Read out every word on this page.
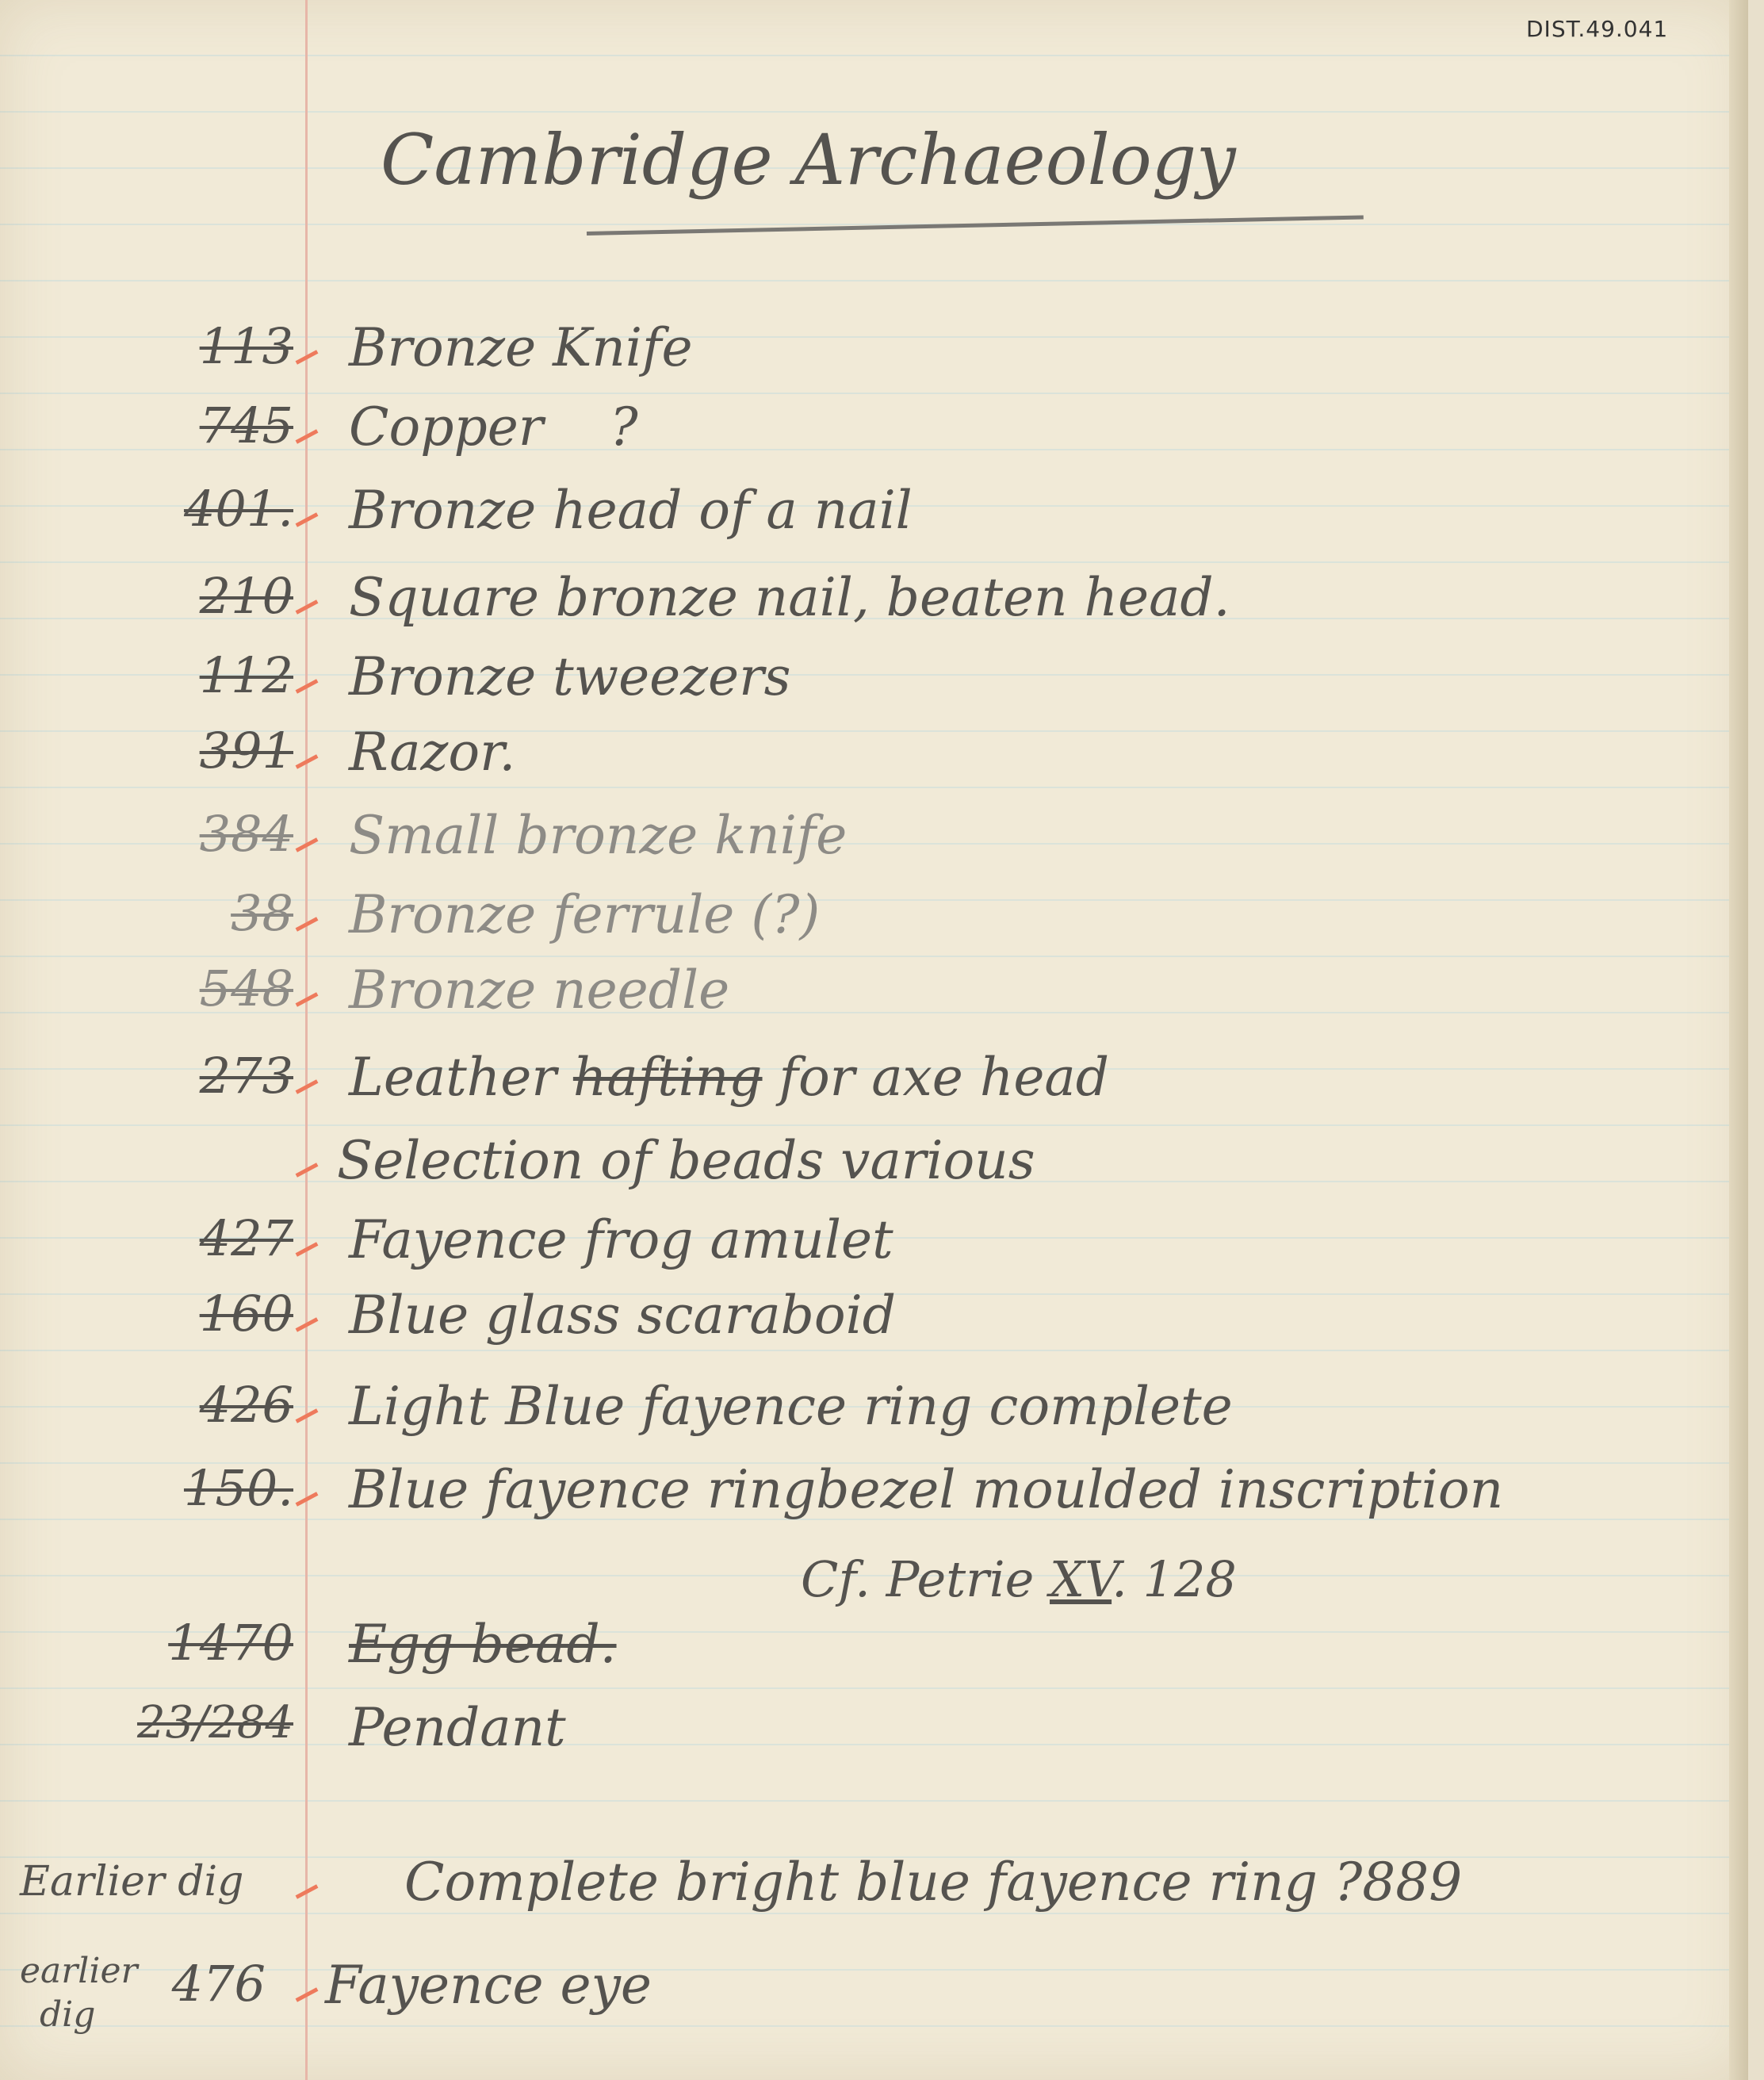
DIST.49.041
Cambridge Archaeology
113 Bronze Knife
745 Copper    ?
401. Bronze head of a nail
210 Square bronze nail, beaten head.
112 Bronze tweezers
391 Razor.
384 Small bronze knife
38 Bronze ferrule (?)
548 Bronze needle
273 Leather hafting for axe head
Selection of beads various
427 Fayence frog amulet
160 Blue glass scaraboid
426 Light Blue fayence ring complete
150. Blue fayence ringbezel moulded inscription
Cf. Petrie XV. 128
1470 Egg bead.
23/284 Pendant
Earlier dig	Complete bright blue fayence ring ?889
earlier
dig
476 Fayence eye
